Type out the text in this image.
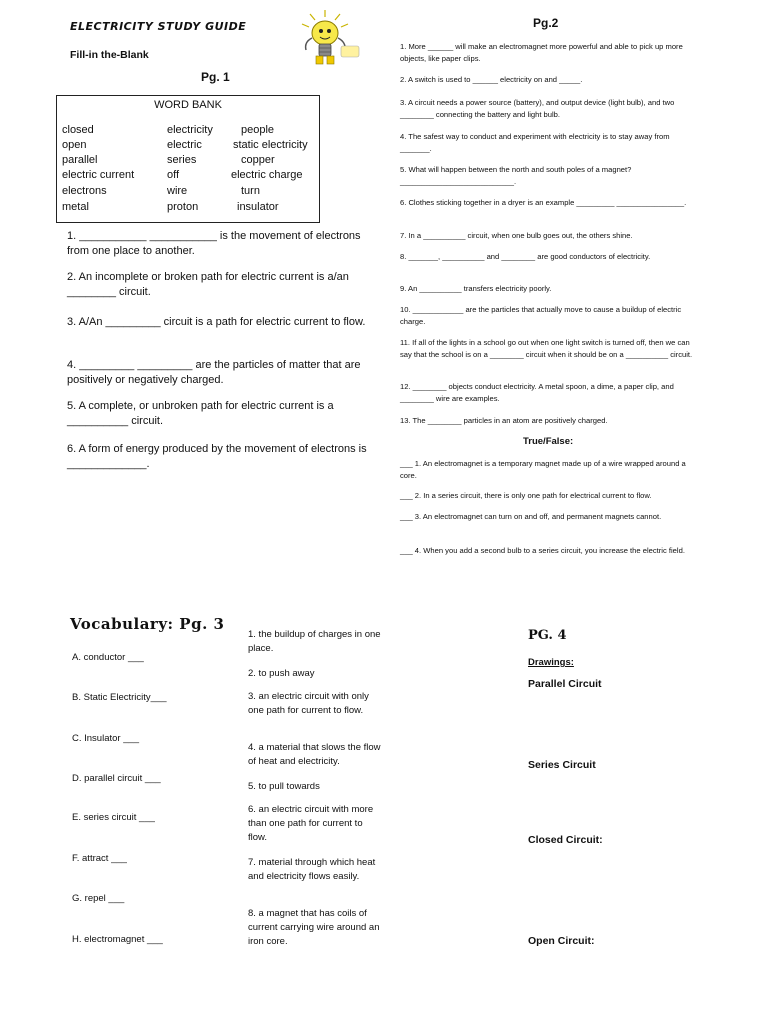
ELECTRICITY STUDY GUIDE
Fill-in the-Blank
Pg. 1
Pg.2
WORD BANK
closed
open
parallel
electric current
electrons
metal
electricity
electric
series
off
wire
proton
people
static electricity
copper
electric charge
turn
insulator
1. ___________ ___________ is the movement of electrons from one place to another.
2. An incomplete or broken path for electric current is a/an ________ circuit.
3. A/An _________ circuit is a path for electric current to flow.
4. _________ _________ are the particles of matter that are positively or negatively charged.
5. A complete, or unbroken path for electric current is a __________ circuit.
6. A form of energy produced by the movement of electrons is _____________.
1. More ______ will make an electromagnet more powerful and able to pick up more objects, like paper clips.
2. A switch is used to ______ electricity on and _____.
3. A circuit needs a power source (battery), and output device (light bulb), and two ________ connecting the battery and light bulb.
4. The safest way to conduct and experiment with electricity is to stay away from _______.
5. What will happen between the north and south poles of a magnet? ___________________________.
6. Clothes sticking together in a dryer is an example _________ ________________.
7. In a __________ circuit, when one bulb goes out, the others shine.
8. _______, __________ and ________ are good conductors of electricity.
9. An __________ transfers electricity poorly.
10. ____________ are the particles that actually move to cause a buildup of electric charge.
11. If all of the lights in a school go out when one light switch is turned off, then we can say that the school is on a ________ circuit when it should be on a __________ circuit.
12. ________ objects conduct electricity. A metal spoon, a dime, a paper clip, and ________ wire are examples.
13. The ________ particles in an atom are positively charged.
True/False:
___ 1. An electromagnet is a temporary magnet made up of a wire wrapped around a core.
___ 2. In a series circuit, there is only one path for electrical current to flow.
___ 3. An electromagnet can turn on and off, and permanent magnets cannot.
___ 4. When you add a second bulb to a series circuit, you increase the electric field.
Vocabulary: Pg. 3
A. conductor ___
B. Static Electricity___
C. Insulator ___
D. parallel circuit ___
E. series circuit ___
F. attract ___
G. repel ___
H. electromagnet ___
1. the buildup of charges in one place.
2. to push away
3. an electric circuit with only one path for current to flow.
4. a material that slows the flow of heat and electricity.
5. to pull towards
6. an electric circuit with more than one path for current to flow.
7. material through which heat and electricity flows easily.
8. a magnet that has coils of current carrying wire around an iron core.
PG. 4
Drawings:
Parallel Circuit
Series Circuit
Closed Circuit:
Open Circuit:
